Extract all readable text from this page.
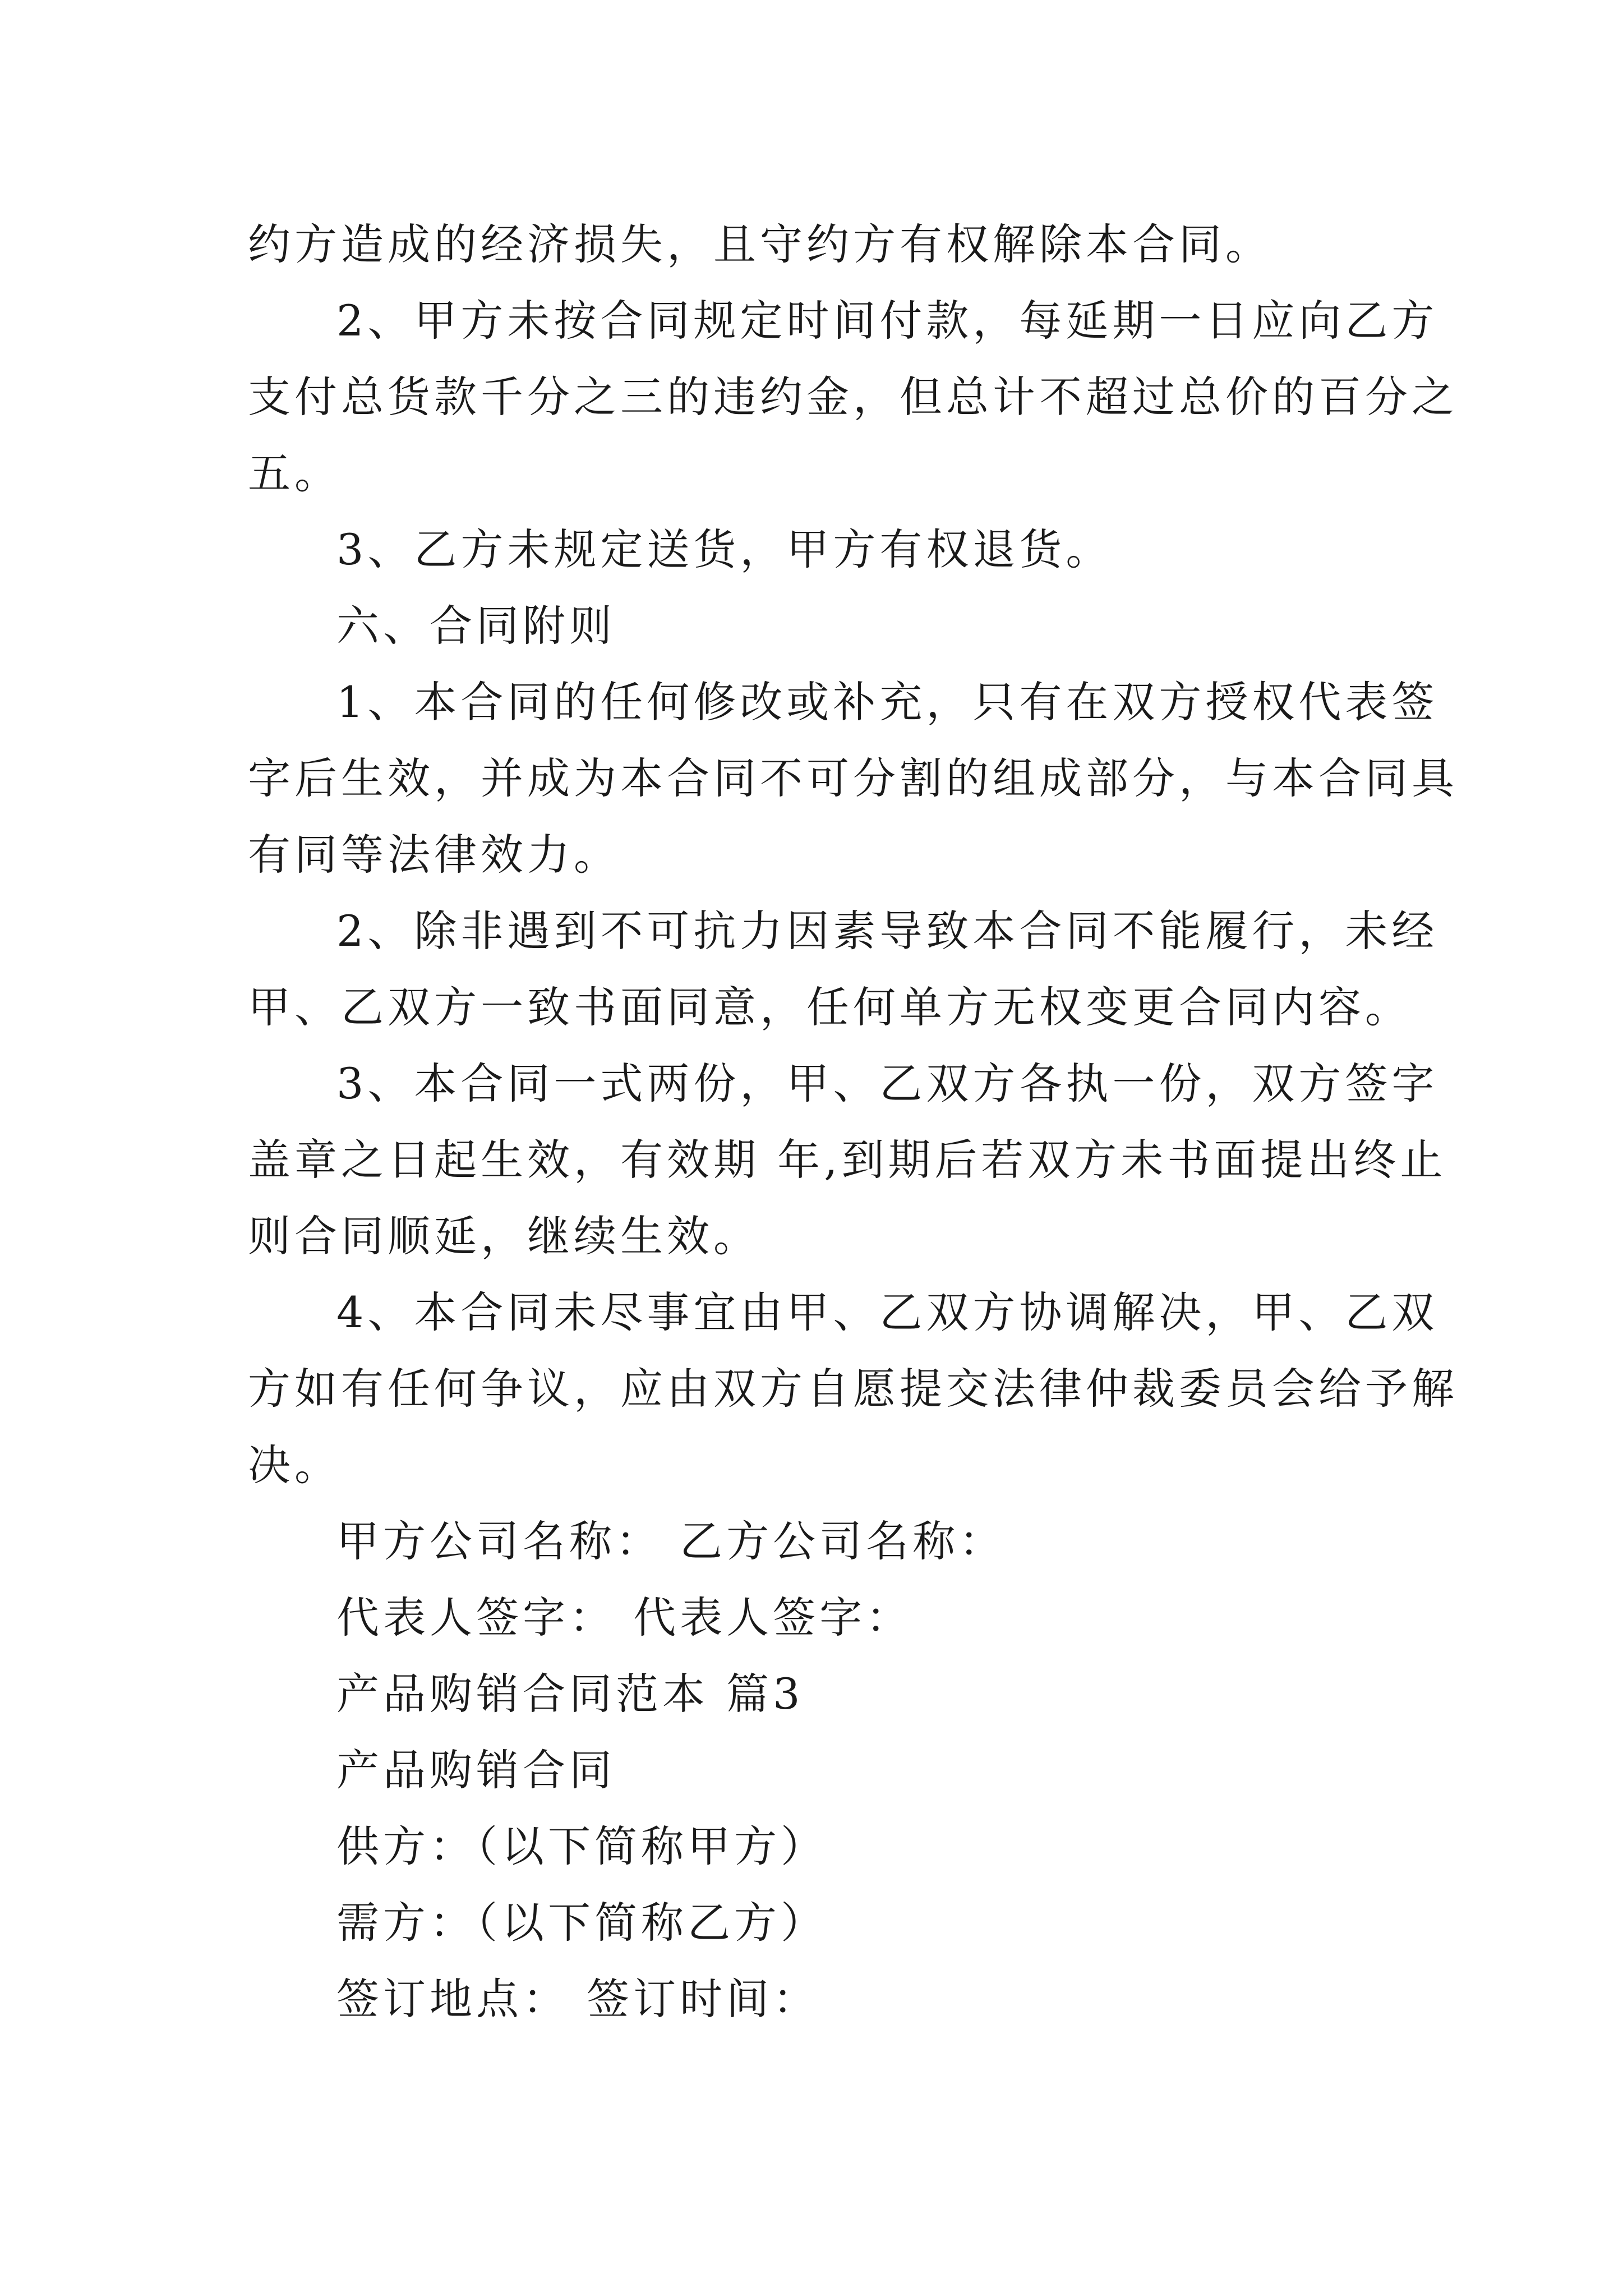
约方造成的经济损失，且守约方有权解除本合同。
2、甲方未按合同规定时间付款，每延期一日应向乙方
支付总货款千分之三的违约金，但总计不超过总价的百分之
五。
3、乙方未规定送货，甲方有权退货。
六、合同附则
1、本合同的任何修改或补充，只有在双方授权代表签
字后生效，并成为本合同不可分割的组成部分，与本合同具
有同等法律效力。
2、除非遇到不可抗力因素导致本合同不能履行，未经
甲、乙双方一致书面同意，任何单方无权变更合同内容。
3、本合同一式两份，甲、乙双方各执一份，双方签字
盖章之日起生效，有效期 年,到期后若双方未书面提出终止
则合同顺延，继续生效。
4、本合同未尽事宜由甲、乙双方协调解决，甲、乙双
方如有任何争议，应由双方自愿提交法律仲裁委员会给予解
决。
甲方公司名称： 乙方公司名称：
代表人签字： 代表人签字：
产品购销合同范本 篇3
产品购销合同
供方：（以下简称甲方）
需方：（以下简称乙方）
签订地点： 签订时间：
